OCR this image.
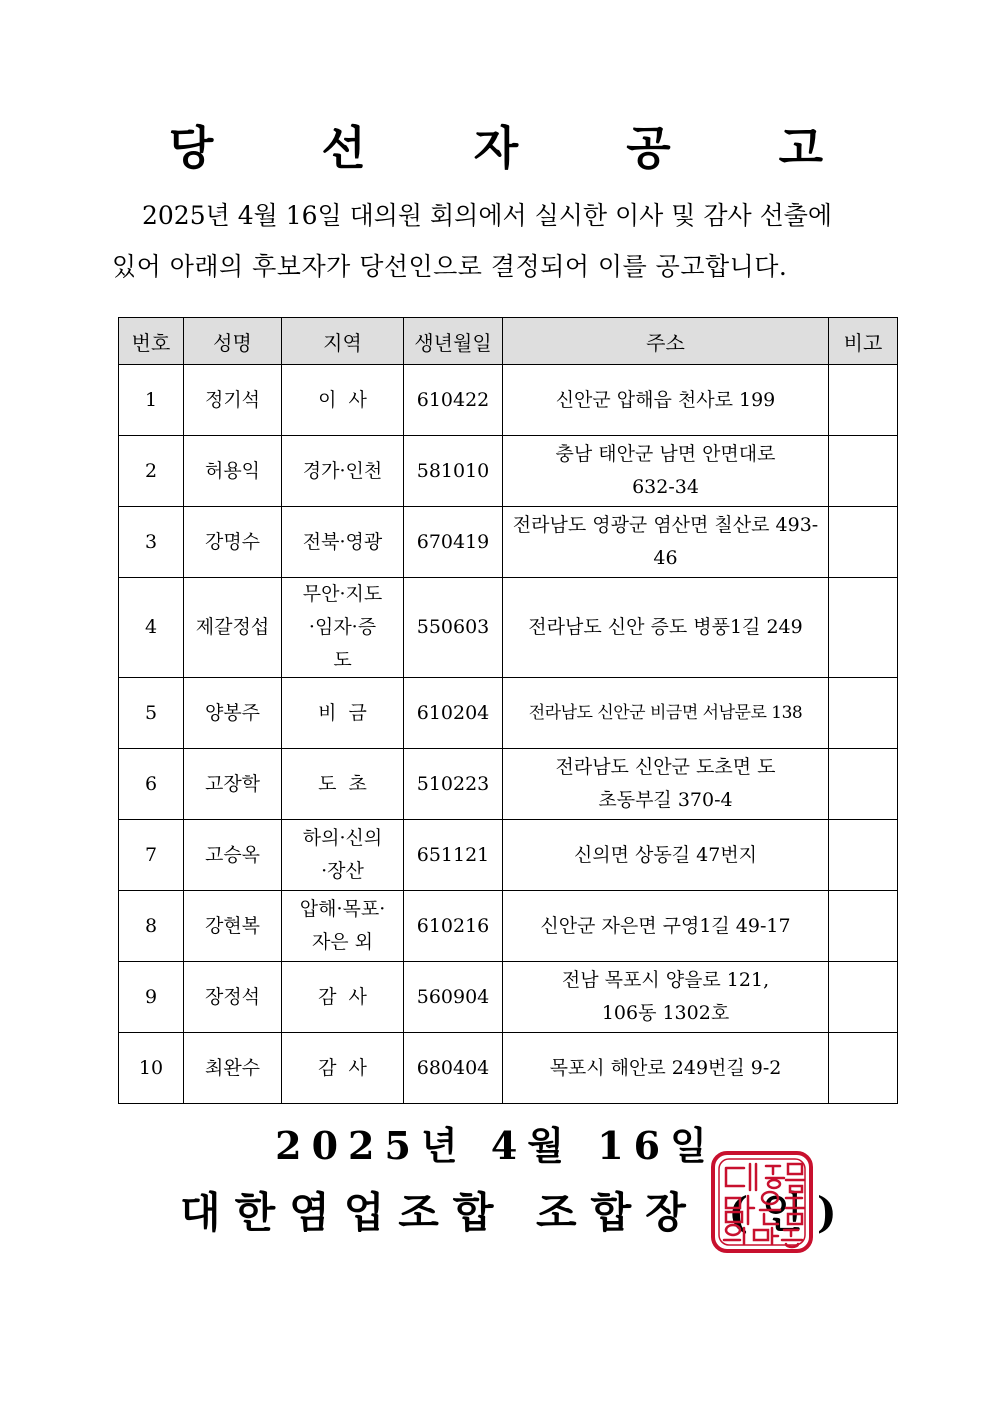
당 선 자 공 고
2025년 4월 16일 대의원 회의에서 실시한 이사 및 감사 선출에
있어 아래의 후보자가 당선인으로 결정되어 이를 공고합니다.
번호	성명	지역	생년월일	주소	비고
1	정기석	이  사	610422	신안군 압해읍 천사로 199	
2	허용익	경가·인천	581010	충남 태안군 남면 안면대로 632-34	
3	강명수	전북·영광	670419	전라남도 영광군 염산면 칠산로 493-46	
4	제갈정섭	무안·지도·임자·증도	550603	전라남도 신안 증도 병풍1길 249	
5	양봉주	비  금	610204	전라남도 신안군 비금면 서남문로 138	
6	고장학	도  초	510223	전라남도 신안군 도초면 도초동부길 370-4	
7	고승옥	하의·신의·장산	651121	신의면 상동길 47번지	
8	강현복	압해·목포·자은 외	610216	신안군 자은면 구영1길 49-17	
9	장정석	감  사	560904	전남 목포시 양을로 121, 106동 1302호	
10	최완수	감  사	680404	목포시 해안로 249번길 9-2	
2025년 4월 16일
대한염업조합 조합장 (인)
대한염업조합조합장인
